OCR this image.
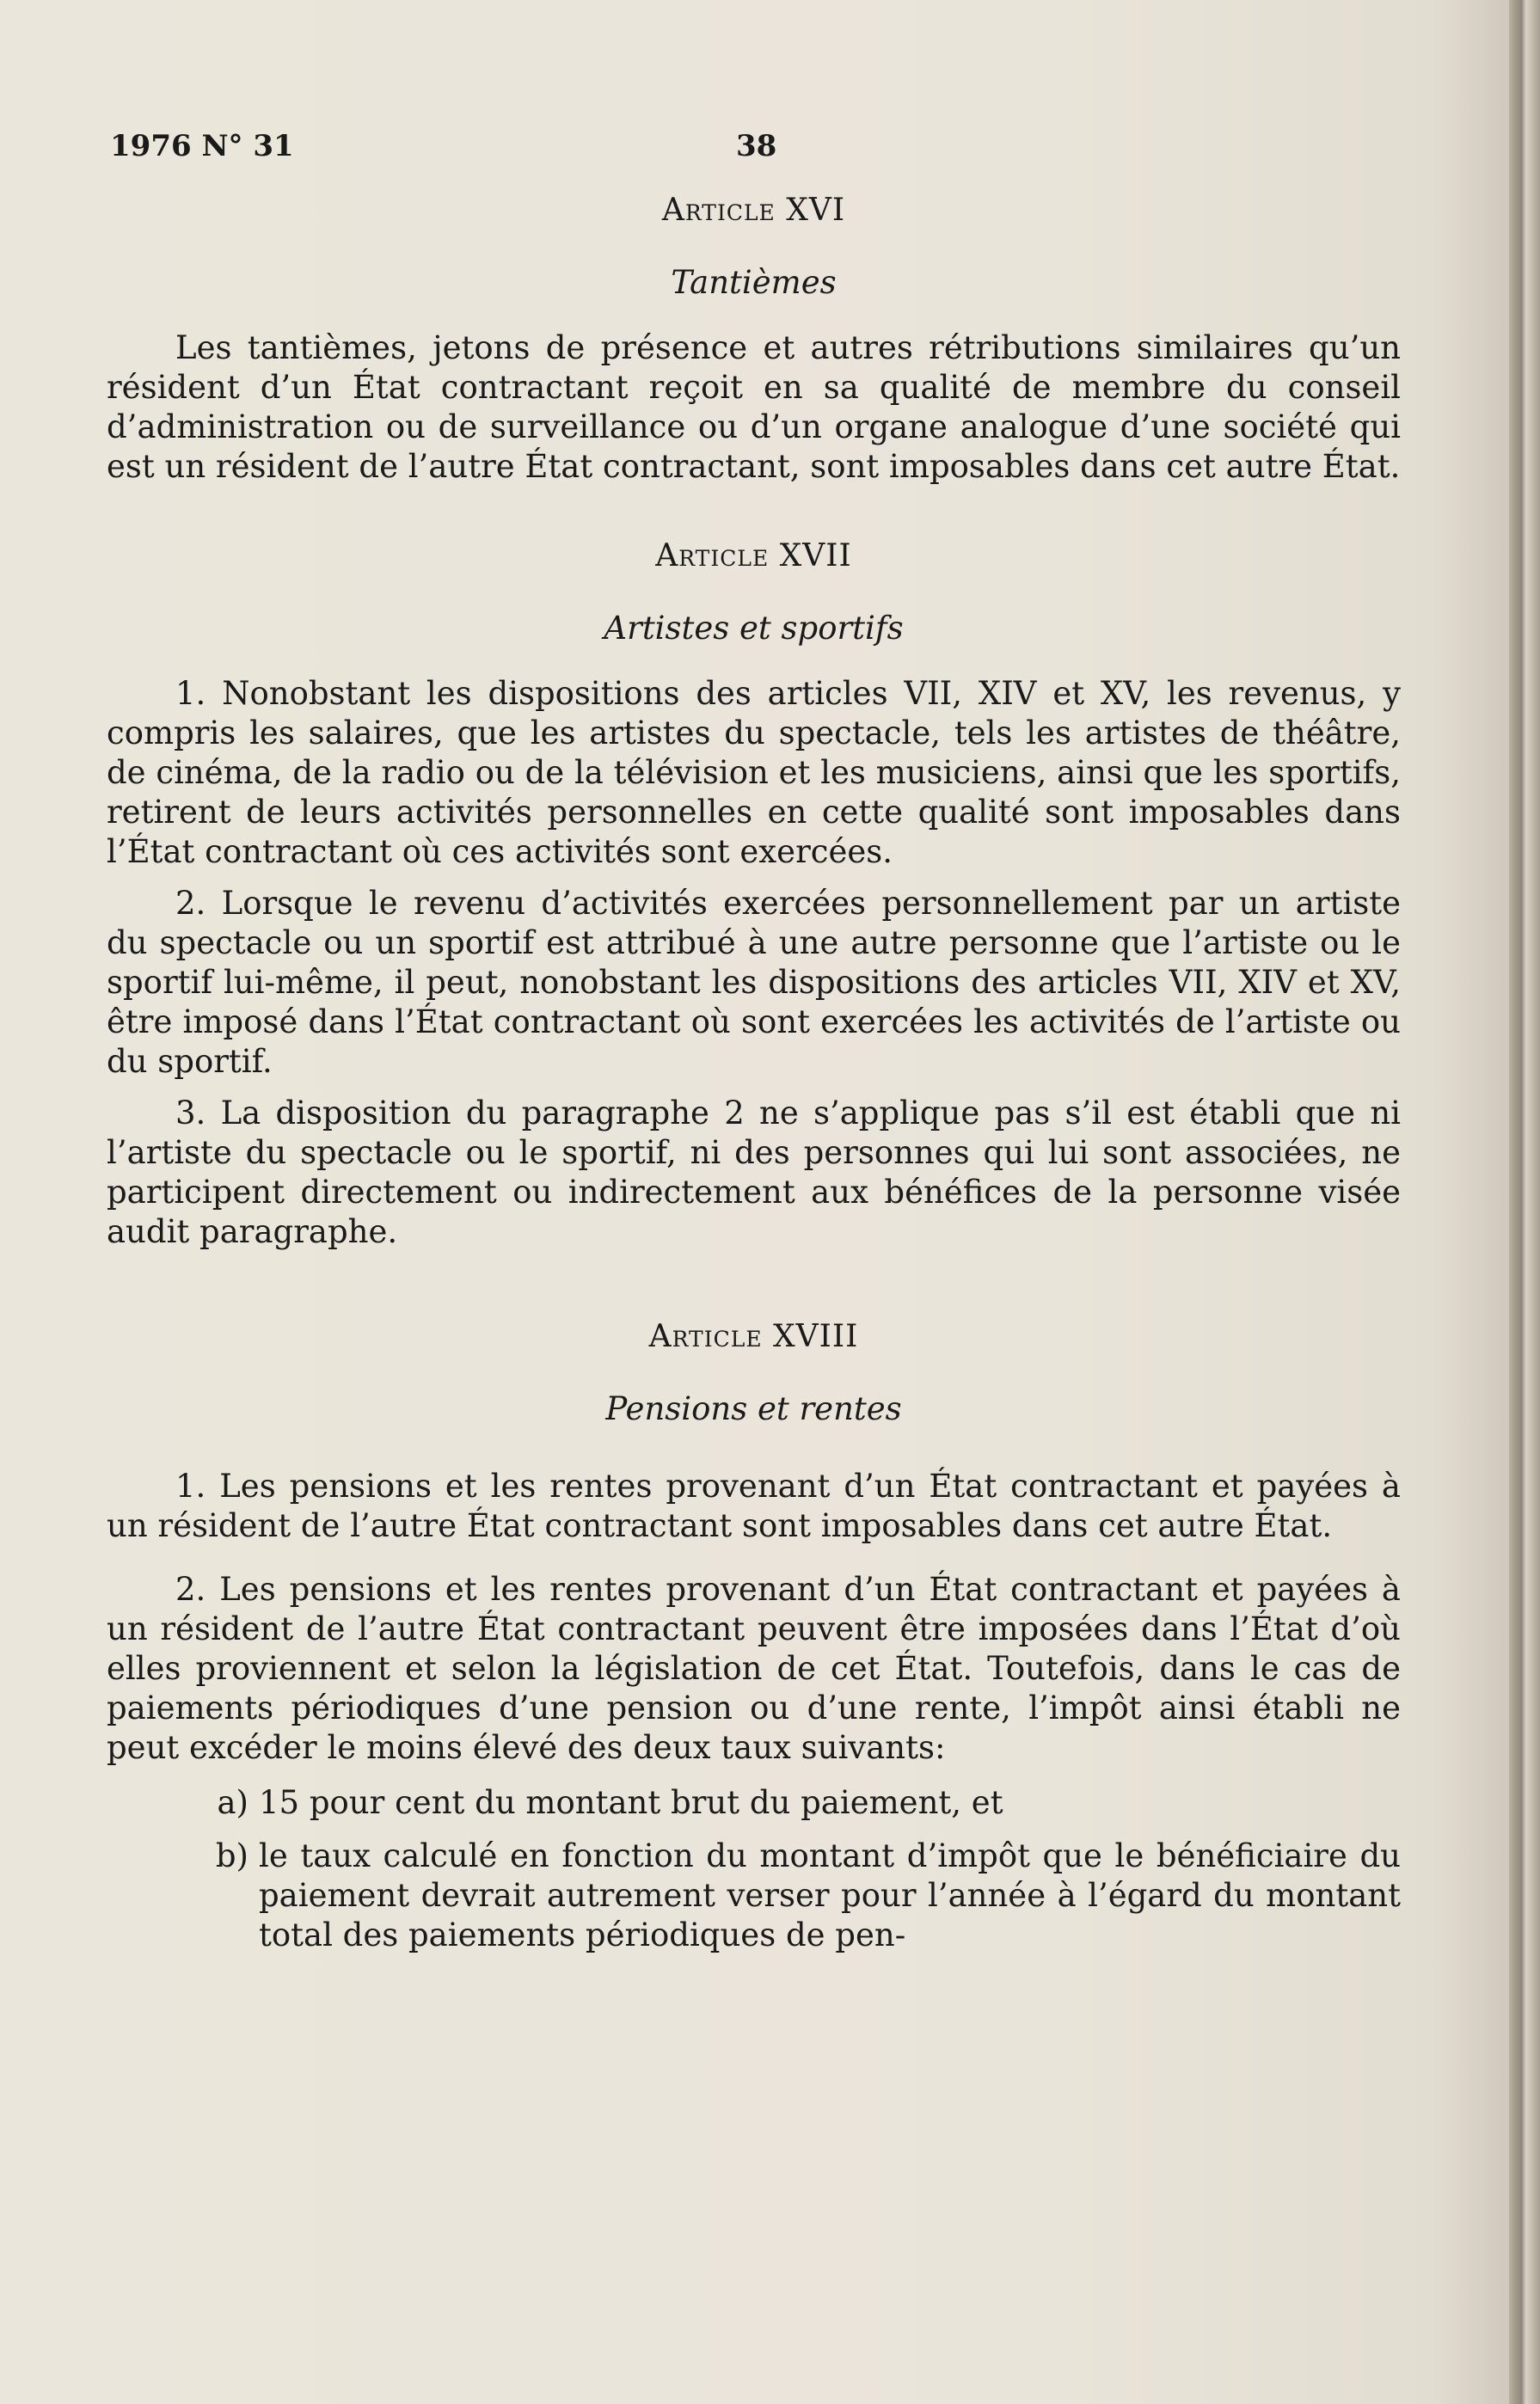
1976 N° 31	38
Article XVI
Tantièmes

Les tantièmes, jetons de présence et autres rétributions similaires qu’un résident d’un État contractant reçoit en sa qualité de membre du conseil d’administration ou de surveillance ou d’un organe analogue d’une société qui est un résident de l’autre État contractant, sont imposables dans cet autre État.

Article XVII
Artistes et sportifs

1. Nonobstant les dispositions des articles VII, XIV et XV, les revenus, y compris les salaires, que les artistes du spectacle, tels les artistes de théâtre, de cinéma, de la radio ou de la télévision et les musiciens, ainsi que les sportifs, retirent de leurs activités personnelles en cette qualité sont imposables dans l’État contractant où ces activités sont exercées.

2. Lorsque le revenu d’activités exercées personnellement par un artiste du spectacle ou un sportif est attribué à une autre personne que l’artiste ou le sportif lui-même, il peut, nonobstant les dispositions des articles VII, XIV et XV, être imposé dans l’État contractant où sont exercées les activités de l’artiste ou du sportif.

3. La disposition du paragraphe 2 ne s’applique pas s’il est établi que ni l’artiste du spectacle ou le sportif, ni des personnes qui lui sont associées, ne participent directement ou indirectement aux bénéfices de la personne visée audit paragraphe.

Article XVIII
Pensions et rentes

1. Les pensions et les rentes provenant d’un État contractant et payées à un résident de l’autre État contractant sont imposables dans cet autre État.

2. Les pensions et les rentes provenant d’un État contractant et payées à un résident de l’autre État contractant peuvent être imposées dans l’État d’où elles proviennent et selon la législation de cet État. Toutefois, dans le cas de paiements périodiques d’une pension ou d’une rente, l’impôt ainsi établi ne peut excéder le moins élevé des deux taux suivants:

a) 15 pour cent du montant brut du paiement, et
b) le taux calculé en fonction du montant d’impôt que le bénéficiaire du paiement devrait autrement verser pour l’année à l’égard du montant total des paiements périodiques de pen-
